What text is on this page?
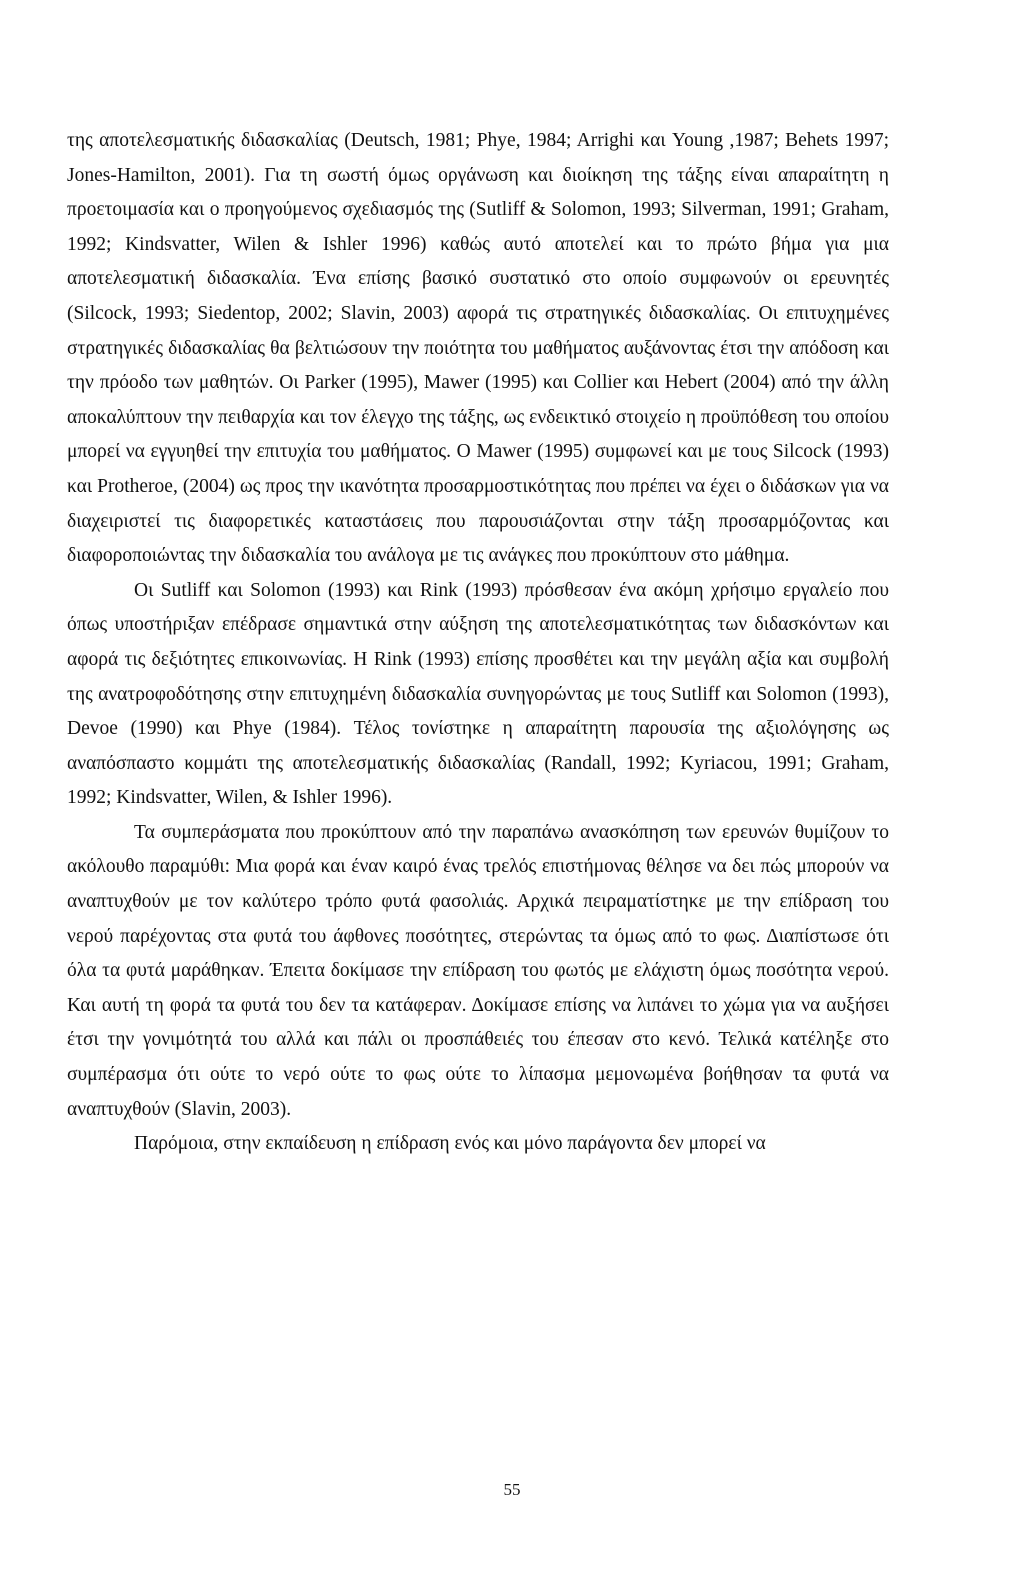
της αποτελεσματικής διδασκαλίας (Deutsch, 1981; Phye, 1984; Arrighi και Young ,1987; Behets 1997; Jones-Hamilton, 2001). Για τη σωστή όμως οργάνωση και διοίκηση της τάξης είναι απαραίτητη η προετοιμασία και ο προηγούμενος σχεδιασμός της (Sutliff & Solomon, 1993; Silverman, 1991; Graham, 1992; Kindsvatter, Wilen & Ishler 1996) καθώς αυτό αποτελεί και το πρώτο βήμα για μια αποτελεσματική διδασκαλία. Ένα επίσης βασικό συστατικό στο οποίο συμφωνούν οι ερευνητές (Silcock, 1993; Siedentop, 2002; Slavin, 2003) αφορά τις στρατηγικές διδασκαλίας. Οι επιτυχημένες στρατηγικές διδασκαλίας θα βελτιώσουν την ποιότητα του μαθήματος αυξάνοντας έτσι την απόδοση και την πρόοδο των μαθητών. Οι Parker (1995), Mawer (1995) και Collier και Hebert (2004) από την άλλη αποκαλύπτουν την πειθαρχία και τον έλεγχο της τάξης, ως ενδεικτικό στοιχείο η προϋπόθεση του οποίου μπορεί να εγγυηθεί την επιτυχία του μαθήματος. Ο Mawer (1995) συμφωνεί και με τους Silcock (1993) και Protheroe, (2004) ως προς την ικανότητα προσαρμοστικότητας που πρέπει να έχει ο διδάσκων για να διαχειριστεί τις διαφορετικές καταστάσεις που παρουσιάζονται στην τάξη προσαρμόζοντας και διαφοροποιώντας την διδασκαλία του ανάλογα με τις ανάγκες που προκύπτουν στο μάθημα.

Οι Sutliff και Solomon (1993) και Rink (1993) πρόσθεσαν ένα ακόμη χρήσιμο εργαλείο που όπως υποστήριξαν επέδρασε σημαντικά στην αύξηση της αποτελεσματικότητας των διδασκόντων και αφορά τις δεξιότητες επικοινωνίας. Η Rink (1993) επίσης προσθέτει και την μεγάλη αξία και συμβολή της ανατροφοδότησης στην επιτυχημένη διδασκαλία συνηγορώντας με τους Sutliff και Solomon (1993), Devoe (1990) και Phye (1984). Τέλος τονίστηκε η απαραίτητη παρουσία της αξιολόγησης ως αναπόσπαστο κομμάτι της αποτελεσματικής διδασκαλίας (Randall, 1992; Kyriacou, 1991; Graham, 1992; Kindsvatter, Wilen, & Ishler 1996).

Τα συμπεράσματα που προκύπτουν από την παραπάνω ανασκόπηση των ερευνών θυμίζουν το ακόλουθο παραμύθι: Μια φορά και έναν καιρό ένας τρελός επιστήμονας θέλησε να δει πώς μπορούν να αναπτυχθούν με τον καλύτερο τρόπο φυτά φασολιάς. Αρχικά πειραματίστηκε με την επίδραση του νερού παρέχοντας στα φυτά του άφθονες ποσότητες, στερώντας τα όμως από το φως. Διαπίστωσε ότι όλα τα φυτά μαράθηκαν. Έπειτα δοκίμασε την επίδραση του φωτός με ελάχιστη όμως ποσότητα νερού. Και αυτή τη φορά τα φυτά του δεν τα κατάφεραν. Δοκίμασε επίσης να λιπάνει το χώμα για να αυξήσει έτσι την γονιμότητά του αλλά και πάλι οι προσπάθειές του έπεσαν στο κενό. Τελικά κατέληξε στο συμπέρασμα ότι ούτε το νερό ούτε το φως ούτε το λίπασμα μεμονωμένα βοήθησαν τα φυτά να αναπτυχθούν (Slavin, 2003).

Παρόμοια, στην εκπαίδευση η επίδραση ενός και μόνο παράγοντα δεν μπορεί να

55
